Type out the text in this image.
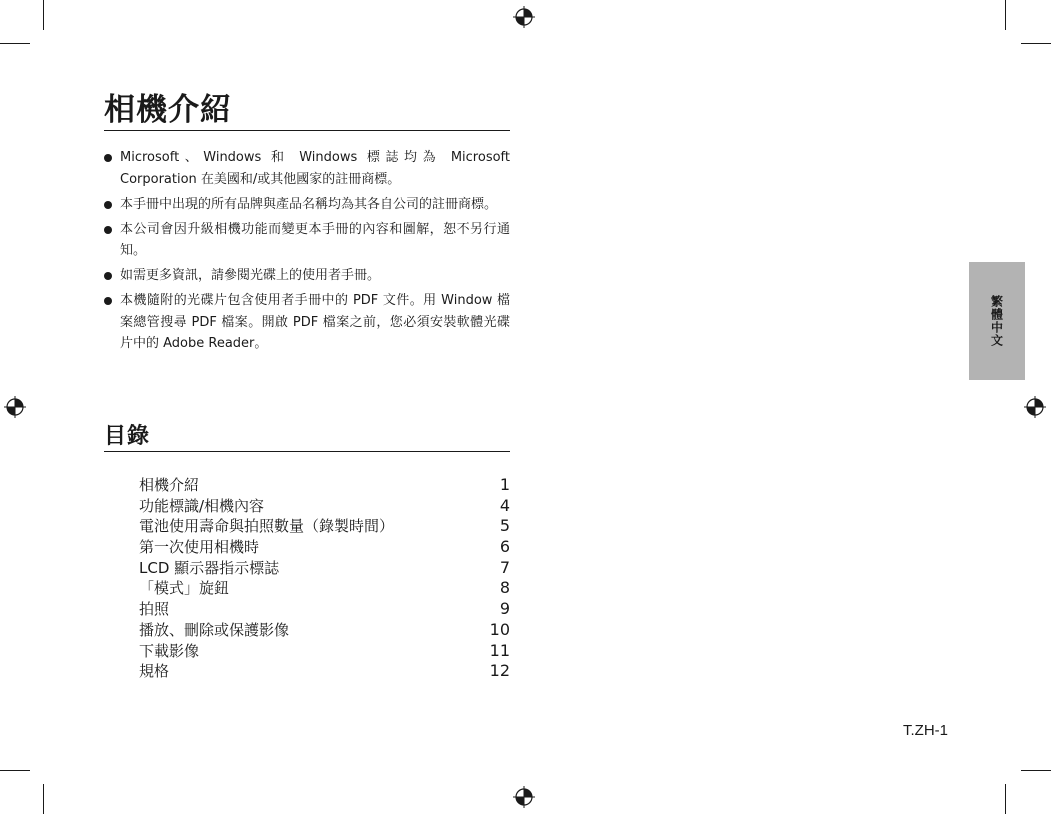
相機介紹
Microsoft、Windows 和 Windows 標誌均為 Microsoft Corporation 在美國和/或其他國家的註冊商標。
本手冊中出現的所有品牌與產品名稱均為其各自公司的註冊商標。
本公司會因升級相機功能而變更本手冊的內容和圖解，恕不另行通知。
如需更多資訊，請參閱光碟上的使用者手冊。
本機隨附的光碟片包含使用者手冊中的 PDF 文件。用 Window 檔案總管搜尋 PDF 檔案。開啟 PDF 檔案之前，您必須安裝軟體光碟片中的 Adobe Reader。
目錄
相機介紹	1
功能標識/相機內容	4
電池使用壽命與拍照數量（錄製時間）	5
第一次使用相機時	6
LCD 顯示器指示標誌	7
「模式」旋鈕	8
拍照	9
播放、刪除或保護影像	10
下載影像	11
規格	12
繁體中文
T.ZH-1
